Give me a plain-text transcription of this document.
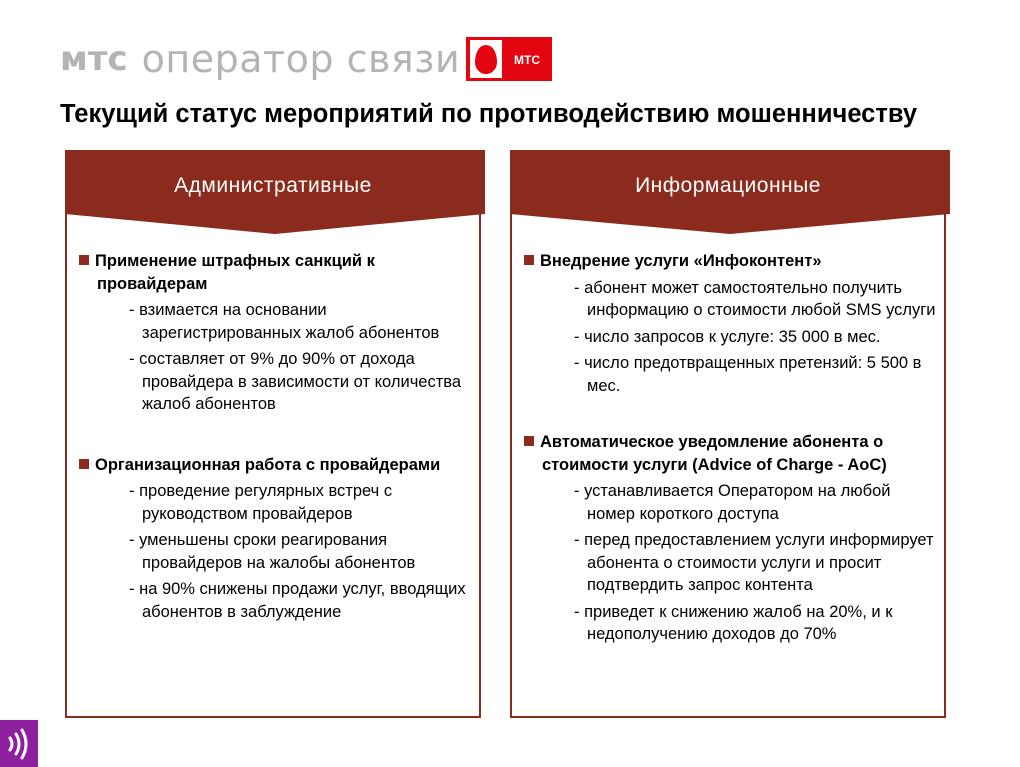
мтс оператор связи	МТС
Текущий статус мероприятий по противодействию мошенничеству
Административные
Применение штрафных санкций к провайдерам
- взимается на основании зарегистрированных жалоб абонентов
- составляет от 9% до 90% от дохода провайдера в зависимости от количества жалоб абонентов
Организационная работа с провайдерами
- проведение регулярных встреч с руководством провайдеров
- уменьшены сроки реагирования провайдеров на жалобы абонентов
- на 90% снижены продажи услуг, вводящих абонентов в заблуждение
Информационные
Внедрение услуги «Инфоконтент»
- абонент может самостоятельно получить информацию о стоимости любой SMS услуги
- число запросов к услуге: 35 000 в мес.
- число предотвращенных претензий: 5 500 в мес.
Автоматическое уведомление абонента о стоимости услуги (Advice of Charge - AoC)
- устанавливается Оператором на любой номер короткого доступа
- перед предоставлением услуги информирует абонента о стоимости услуги и просит подтвердить запрос контента
- приведет к снижению жалоб на 20%, и к недополучению доходов до 70%
